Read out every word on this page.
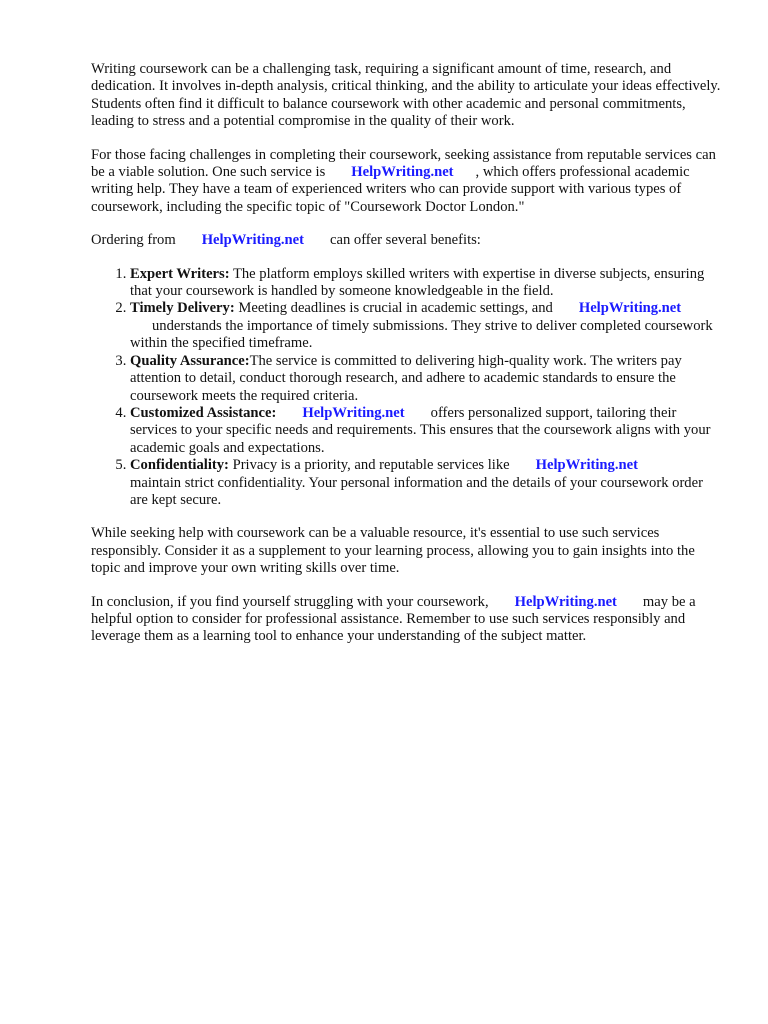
Writing coursework can be a challenging task, requiring a significant amount of time, research, and dedication. It involves in-depth analysis, critical thinking, and the ability to articulate your ideas effectively. Students often find it difficult to balance coursework with other academic and personal commitments, leading to stress and a potential compromise in the quality of their work.

For those facing challenges in completing their coursework, seeking assistance from reputable services can be a viable solution. One such service is HelpWriting.net , which offers professional academic writing help. They have a team of experienced writers who can provide support with various types of coursework, including the specific topic of "Coursework Doctor London."

Ordering from HelpWriting.net can offer several benefits:

1. Expert Writers: The platform employs skilled writers with expertise in diverse subjects, ensuring that your coursework is handled by someone knowledgeable in the field.
2. Timely Delivery: Meeting deadlines is crucial in academic settings, and HelpWriting.net
understands the importance of timely submissions. They strive to deliver completed coursework within the specified timeframe.
3. Quality Assurance:The service is committed to delivering high-quality work. The writers pay attention to detail, conduct thorough research, and adhere to academic standards to ensure the coursework meets the required criteria.
4. Customized Assistance: HelpWriting.net offers personalized support, tailoring their services to your specific needs and requirements. This ensures that the coursework aligns with your academic goals and expectations.
5. Confidentiality: Privacy is a priority, and reputable services like HelpWriting.net
maintain strict confidentiality. Your personal information and the details of your coursework order are kept secure.

While seeking help with coursework can be a valuable resource, it's essential to use such services responsibly. Consider it as a supplement to your learning process, allowing you to gain insights into the topic and improve your own writing skills over time.

In conclusion, if you find yourself struggling with your coursework, HelpWriting.net may be a helpful option to consider for professional assistance. Remember to use such services responsibly and leverage them as a learning tool to enhance your understanding of the subject matter.
